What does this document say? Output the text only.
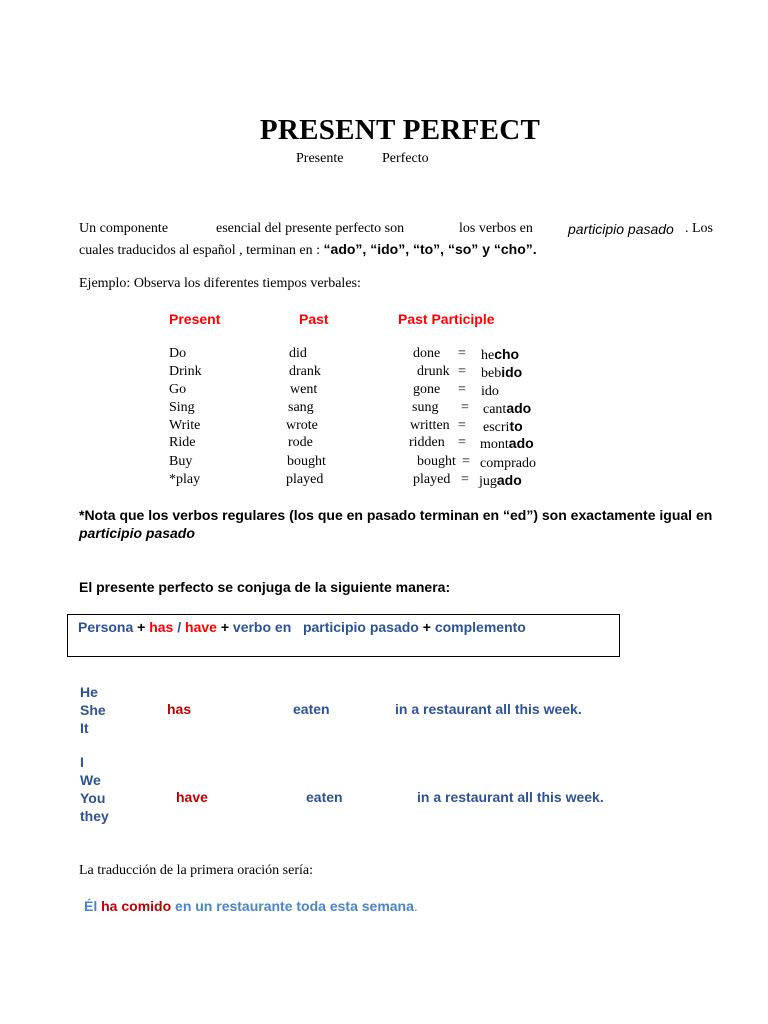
PRESENT PERFECT
Presente	Perfecto
Un componente	esencial del presente perfecto son	los verbos en	participio pasado . Los
cuales traducidos al español , terminan en : “ado”, “ido”, “to”, “so” y “cho”.
Ejemplo: Observa los diferentes tiempos verbales:
Present	Past	Past Participle
Do	did	done = hecho
Drink	drank	drunk = bebido
Go	went	gone = ido
Sing	sang	sung = cantado
Write	wrote	written = escrito
Ride	rode	ridden = montado
Buy	bought	bought = comprado
*play	played	played = jugado
*Nota que los verbos regulares (los que en pasado terminan en “ed”) son exactamente igual en participio pasado
El presente perfecto se conjuga de la siguiente manera:
Persona + has / have + verbo en participio pasado + complemento
He
She
It
has	eaten	in a restaurant all this week.
I
We
You
they
have	eaten	in a restaurant all this week.
La traducción de la primera oración sería:
Él ha comido en un restaurante toda esta semana.
